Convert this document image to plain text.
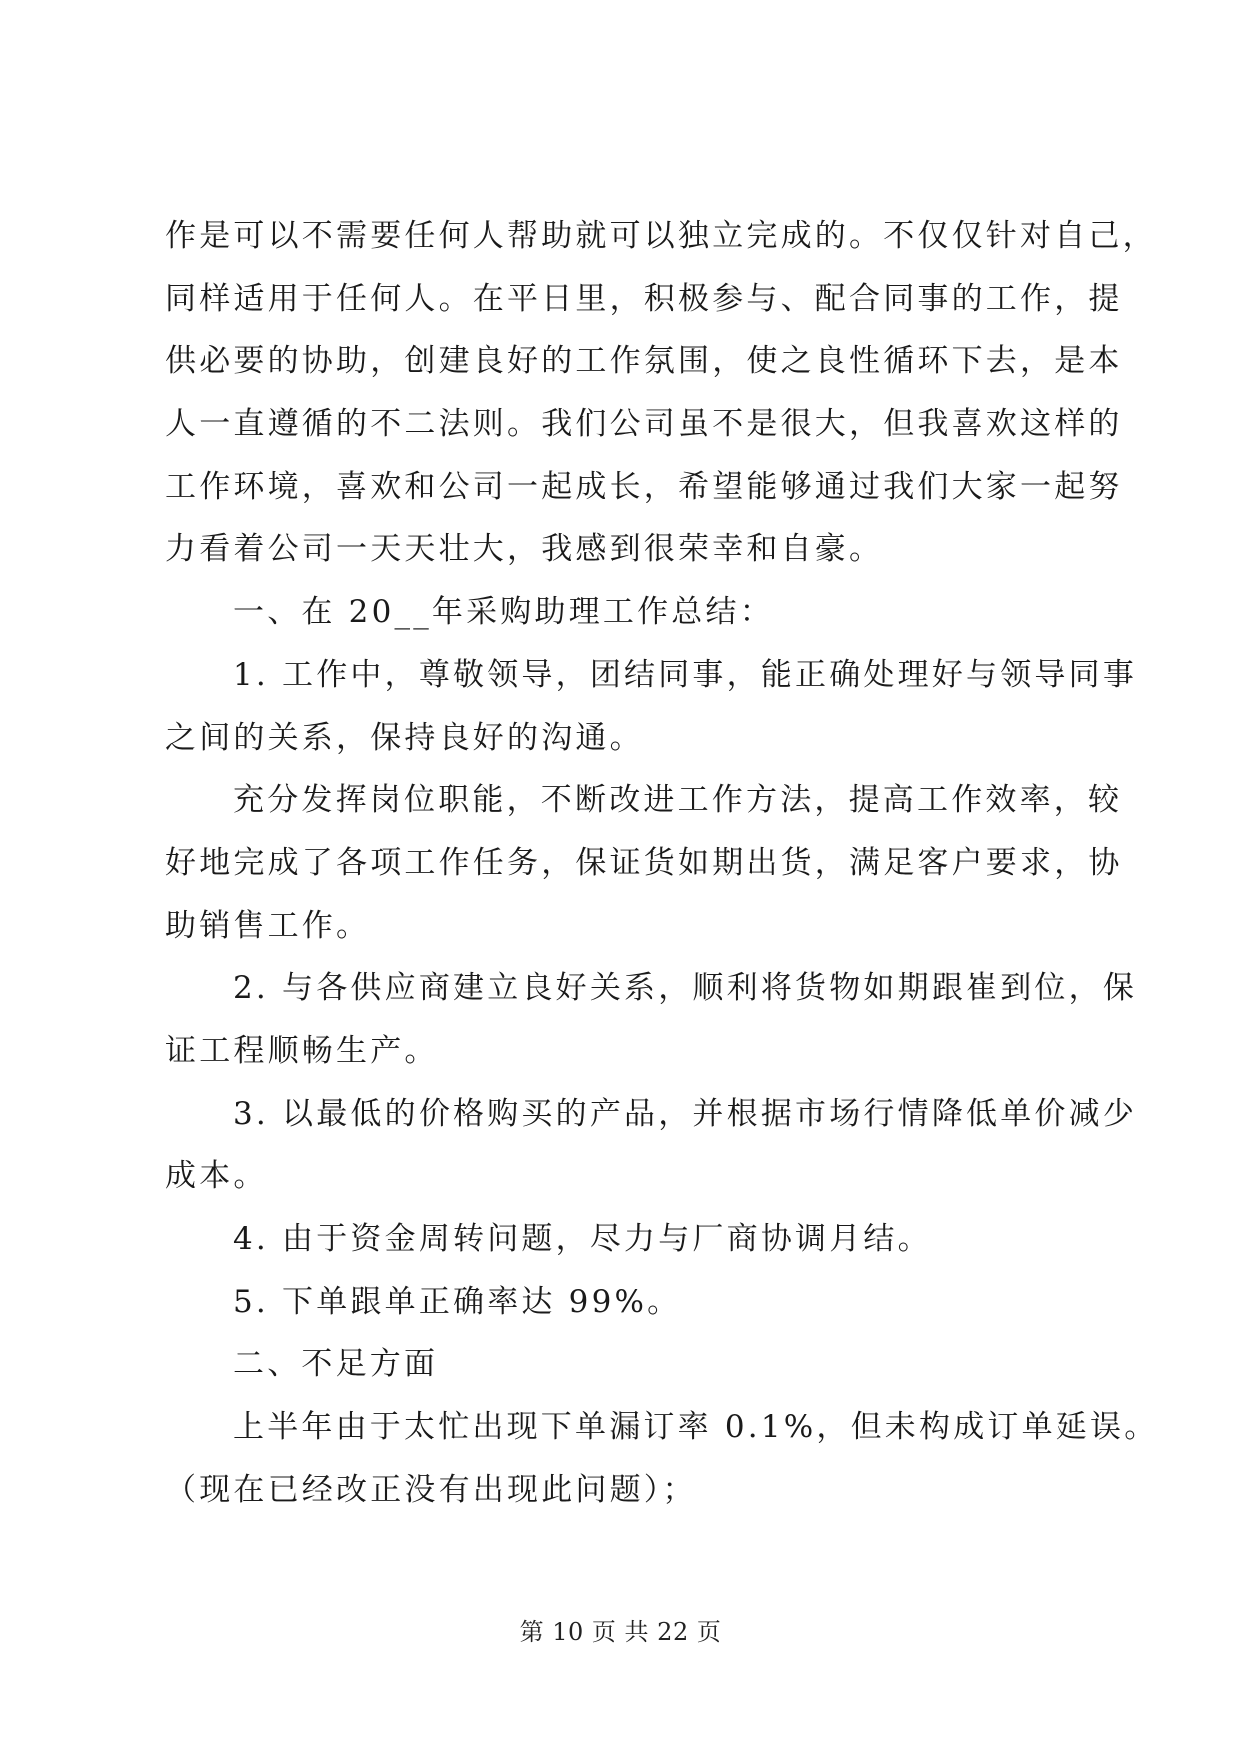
作是可以不需要任何人帮助就可以独立完成的。不仅仅针对自己，
同样适用于任何人。在平日里，积极参与、配合同事的工作，提
供必要的协助，创建良好的工作氛围，使之良性循环下去，是本
人一直遵循的不二法则。我们公司虽不是很大，但我喜欢这样的
工作环境，喜欢和公司一起成长，希望能够通过我们大家一起努
力看着公司一天天壮大，我感到很荣幸和自豪。
一、在 20__年采购助理工作总结：
1. 工作中，尊敬领导，团结同事，能正确处理好与领导同事
之间的关系，保持良好的沟通。
充分发挥岗位职能，不断改进工作方法，提高工作效率，较
好地完成了各项工作任务，保证货如期出货，满足客户要求，协
助销售工作。
2. 与各供应商建立良好关系，顺利将货物如期跟崔到位，保
证工程顺畅生产。
3. 以最低的价格购买的产品，并根据市场行情降低单价减少
成本。
4. 由于资金周转问题，尽力与厂商协调月结。
5. 下单跟单正确率达 99%。
二、不足方面
上半年由于太忙出现下单漏订率 0.1%，但未构成订单延误。
（现在已经改正没有出现此问题）；
第 10 页 共 22 页
